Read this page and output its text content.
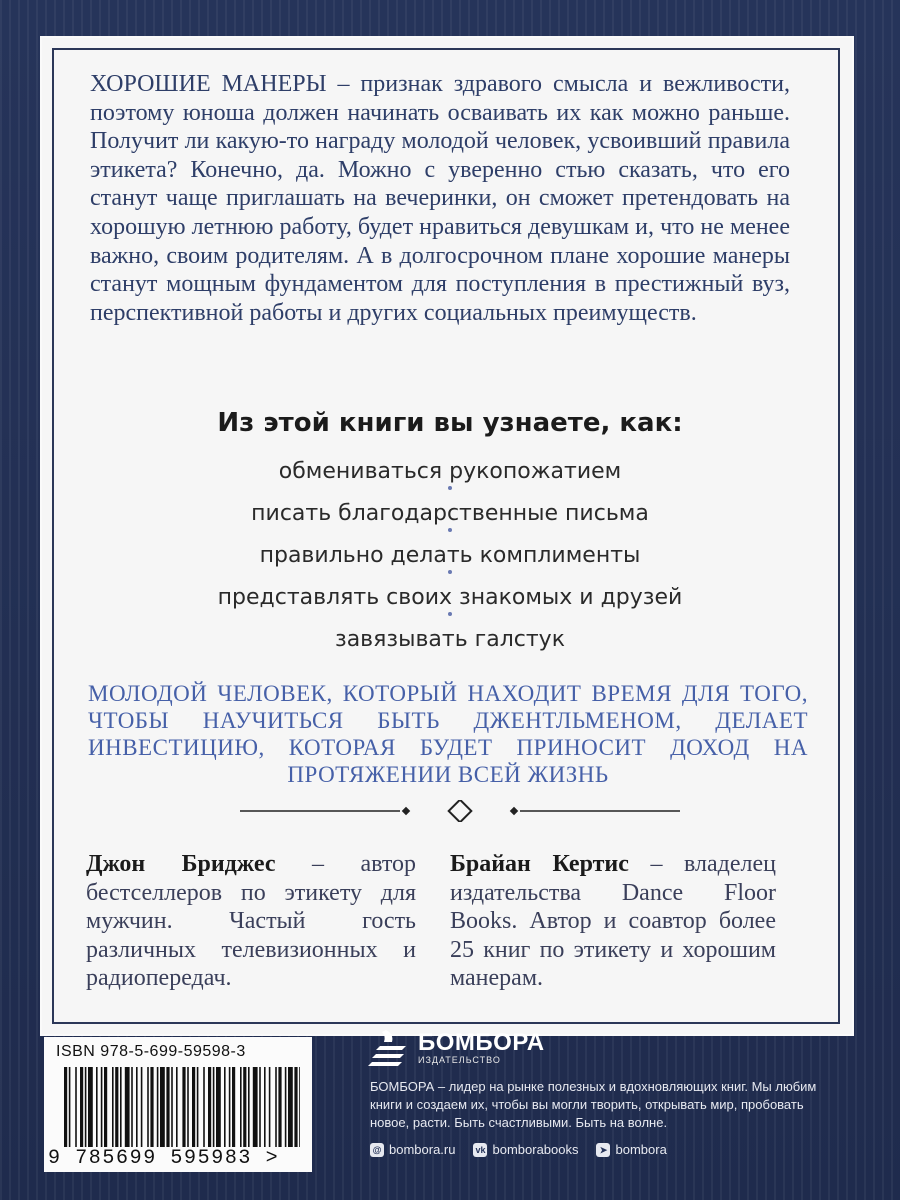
ХОРОШИЕ МАНЕРЫ – признак здравого смысла и вежливости, поэтому юноша должен начинать осваивать их как можно раньше. Получит ли какую-то награду молодой человек, усвоивший правила этикета? Конечно, да. Можно с уверенно стью сказать, что его станут чаще приглашать на вечеринки, он сможет претендовать на хорошую летнюю работу, будет нравиться девушкам и, что не менее важно, своим родителям. А в долгосрочном плане хорошие манеры станут мощным фундаментом для поступления в престижный вуз, перспективной работы и других социальных преимуществ.

Из этой книги вы узнаете, как:
обмениваться рукопожатием
писать благодарственные письма
правильно делать комплименты
представлять своих знакомых и друзей
завязывать галстук

МОЛОДОЙ ЧЕЛОВЕК, КОТОРЫЙ НАХОДИТ ВРЕМЯ ДЛЯ ТОГО, ЧТОБЫ НАУЧИТЬСЯ БЫТЬ ДЖЕНТЛЬМЕНОМ, ДЕЛАЕТ ИНВЕСТИЦИЮ, КОТОРАЯ БУДЕТ ПРИНОСИТ ДОХОД НА ПРОТЯЖЕНИИ ВСЕЙ ЖИЗНЬ

Джон Бриджес – автор бестселлеров по этикету для мужчин. Частый гость различных телевизионных и радиопередач.

Брайан Кертис – владелец издательства Dance Floor Books. Автор и соавтор более 25 книг по этикету и хорошим манерам.

ISBN 978-5-699-59598-3
9 785699 595983 >
БОМБОРА
ИЗДАТЕЛЬСТВО
БОМБОРА – лидер на рынке полезных и вдохновляющих книг. Мы любим книги и создаем их, чтобы вы могли творить, открывать мир, пробовать новое, расти. Быть счастливыми. Быть на волне.
@ bombora.ru vk bomborabooks	➤ bombora
